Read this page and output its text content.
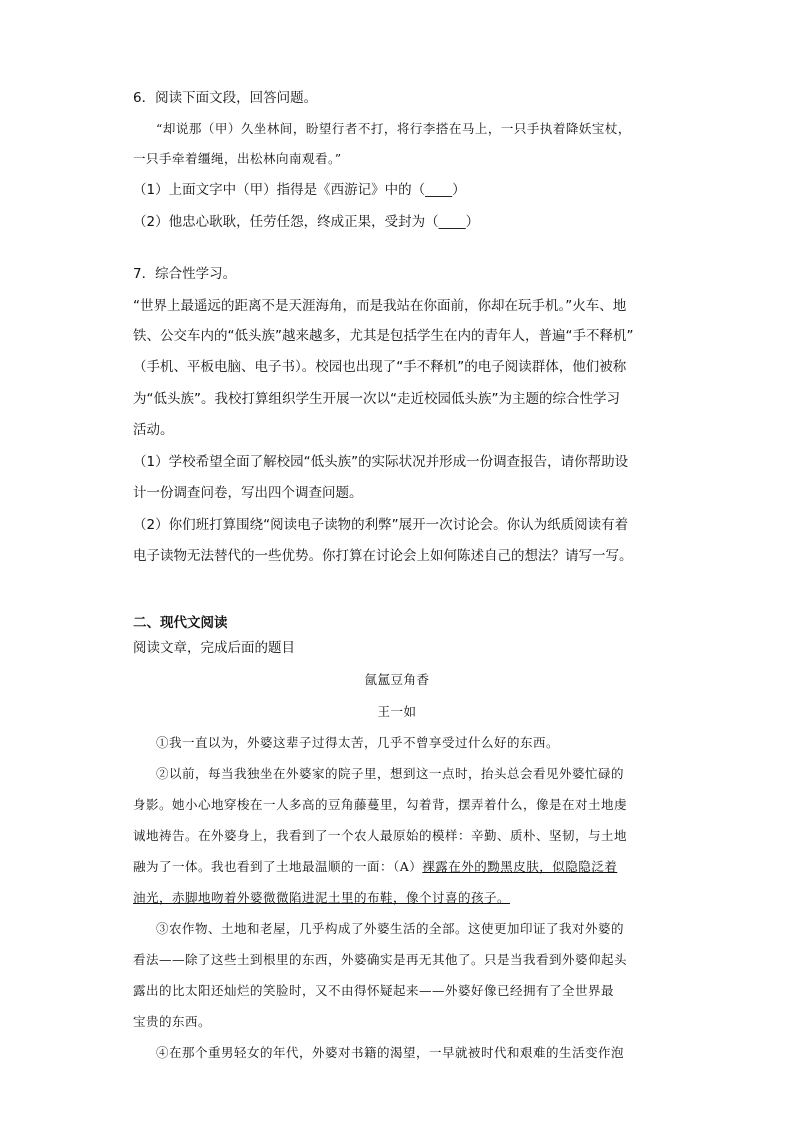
6．阅读下面文段，回答问题。
“却说那（甲）久坐林间，盼望行者不打，将行李搭在马上，一只手执着降妖宝杖，
一只手牵着缰绳，出松林向南观看。”
（1）上面文字中（甲）指得是《西游记》中的（____）
（2）他忠心耿耿，任劳任怨，终成正果，受封为（____）
7．综合性学习。
“世界上最遥远的距离不是天涯海角，而是我站在你面前，你却在玩手机。”火车、地
铁、公交车内的“低头族”越来越多，尤其是包括学生在内的青年人，普遍“手不释机”
（手机、平板电脑、电子书）。校园也出现了“手不释机”的电子阅读群体，他们被称
为“低头族”。我校打算组织学生开展一次以“走近校园低头族”为主题的综合性学习
活动。
（1）学校希望全面了解校园“低头族”的实际状况并形成一份调查报告，请你帮助设
计一份调查问卷，写出四个调查问题。
（2）你们班打算围绕“阅读电子读物的利弊”展开一次讨论会。你认为纸质阅读有着
电子读物无法替代的一些优势。你打算在讨论会上如何陈述自己的想法？请写一写。
二、现代文阅读
阅读文章，完成后面的题目
氤氲豆角香
王一如
①我一直以为，外婆这辈子过得太苦，几乎不曾享受过什么好的东西。
②以前，每当我独坐在外婆家的院子里，想到这一点时，抬头总会看见外婆忙碌的
身影。她小心地穿梭在一人多高的豆角藤蔓里，勾着背，摆弄着什么，像是在对土地虔
诚地祷告。在外婆身上，我看到了一个农人最原始的模样：辛勤、质朴、坚韧，与土地
融为了一体。我也看到了土地最温顺的一面：（A）裸露在外的黝黑皮肤，似隐隐泛着
油光，赤脚地吻着外婆微微陷进泥土里的布鞋，像个讨喜的孩子。
③农作物、土地和老屋，几乎构成了外婆生活的全部。这使更加印证了我对外婆的
看法——除了这些土到根里的东西，外婆确实是再无其他了。只是当我看到外婆仰起头
露出的比太阳还灿烂的笑脸时，又不由得怀疑起来——外婆好像已经拥有了全世界最
宝贵的东西。
④在那个重男轻女的年代，外婆对书籍的渴望，一早就被时代和艰难的生活变作泡
